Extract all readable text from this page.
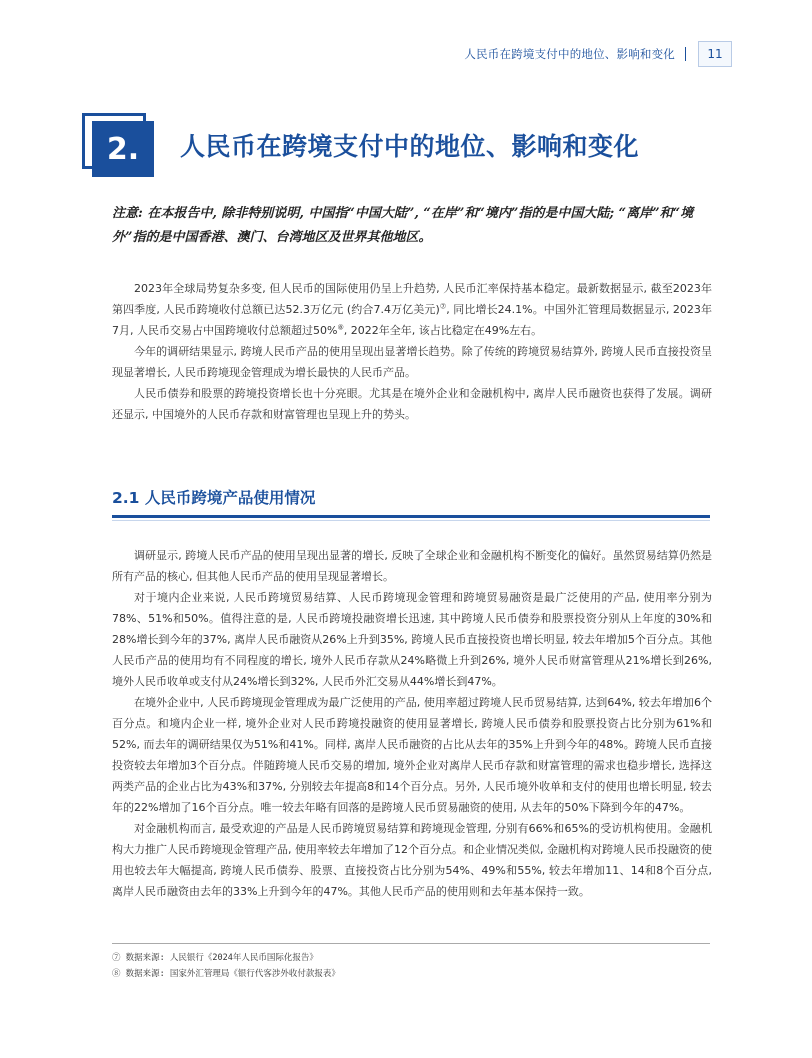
人民币在跨境支付中的地位、影响和变化	11
2.	人民币在跨境支付中的地位、影响和变化
注意: 在本报告中, 除非特别说明, 中国指“中国大陆”, “在岸”和“境内”指的是中国大陆; “离岸”和“境外”指的是中国香港、澳门、台湾地区及世界其他地区。

2023年全球局势复杂多变, 但人民币的国际使用仍呈上升趋势, 人民币汇率保持基本稳定。最新数据显示, 截至2023年第四季度, 人民币跨境收付总额已达52.3万亿元 (约合7.4万亿美元)⑦, 同比增长24.1%。中国外汇管理局数据显示, 2023年7月, 人民币交易占中国跨境收付总额超过50%⑧, 2022年全年, 该占比稳定在49%左右。

今年的调研结果显示, 跨境人民币产品的使用呈现出显著增长趋势。除了传统的跨境贸易结算外, 跨境人民币直接投资呈现显著增长, 人民币跨境现金管理成为增长最快的人民币产品。

人民币债券和股票的跨境投资增长也十分亮眼。尤其是在境外企业和金融机构中, 离岸人民币融资也获得了发展。调研还显示, 中国境外的人民币存款和财富管理也呈现上升的势头。

2.1 人民币跨境产品使用情况

调研显示, 跨境人民币产品的使用呈现出显著的增长, 反映了全球企业和金融机构不断变化的偏好。虽然贸易结算仍然是所有产品的核心, 但其他人民币产品的使用呈现显著增长。

对于境内企业来说, 人民币跨境贸易结算、人民币跨境现金管理和跨境贸易融资是最广泛使用的产品, 使用率分别为78%、51%和50%。值得注意的是, 人民币跨境投融资增长迅速, 其中跨境人民币债券和股票投资分别从上年度的30%和28%增长到今年的37%, 离岸人民币融资从26%上升到35%, 跨境人民币直接投资也增长明显, 较去年增加5个百分点。其他人民币产品的使用均有不同程度的增长, 境外人民币存款从24%略微上升到26%, 境外人民币财富管理从21%增长到26%, 境外人民币收单或支付从24%增长到32%, 人民币外汇交易从44%增长到47%。

在境外企业中, 人民币跨境现金管理成为最广泛使用的产品, 使用率超过跨境人民币贸易结算, 达到64%, 较去年增加6个百分点。和境内企业一样, 境外企业对人民币跨境投融资的使用显著增长, 跨境人民币债券和股票投资占比分别为61%和52%, 而去年的调研结果仅为51%和41%。同样, 离岸人民币融资的占比从去年的35%上升到今年的48%。跨境人民币直接投资较去年增加3个百分点。伴随跨境人民币交易的增加, 境外企业对离岸人民币存款和财富管理的需求也稳步增长, 选择这两类产品的企业占比为43%和37%, 分别较去年提高8和14个百分点。另外, 人民币境外收单和支付的使用也增长明显, 较去年的22%增加了16个百分点。唯一较去年略有回落的是跨境人民币贸易融资的使用, 从去年的50%下降到今年的47%。

对金融机构而言, 最受欢迎的产品是人民币跨境贸易结算和跨境现金管理, 分别有66%和65%的受访机构使用。金融机构大力推广人民币跨境现金管理产品, 使用率较去年增加了12个百分点。和企业情况类似, 金融机构对跨境人民币投融资的使用也较去年大幅提高, 跨境人民币债券、股票、直接投资占比分别为54%、49%和55%, 较去年增加11、14和8个百分点, 离岸人民币融资由去年的33%上升到今年的47%。其他人民币产品的使用则和去年基本保持一致。

⑦ 数据来源: 人民银行《2024年人民币国际化报告》
⑧ 数据来源: 国家外汇管理局《银行代客涉外收付款报表》
